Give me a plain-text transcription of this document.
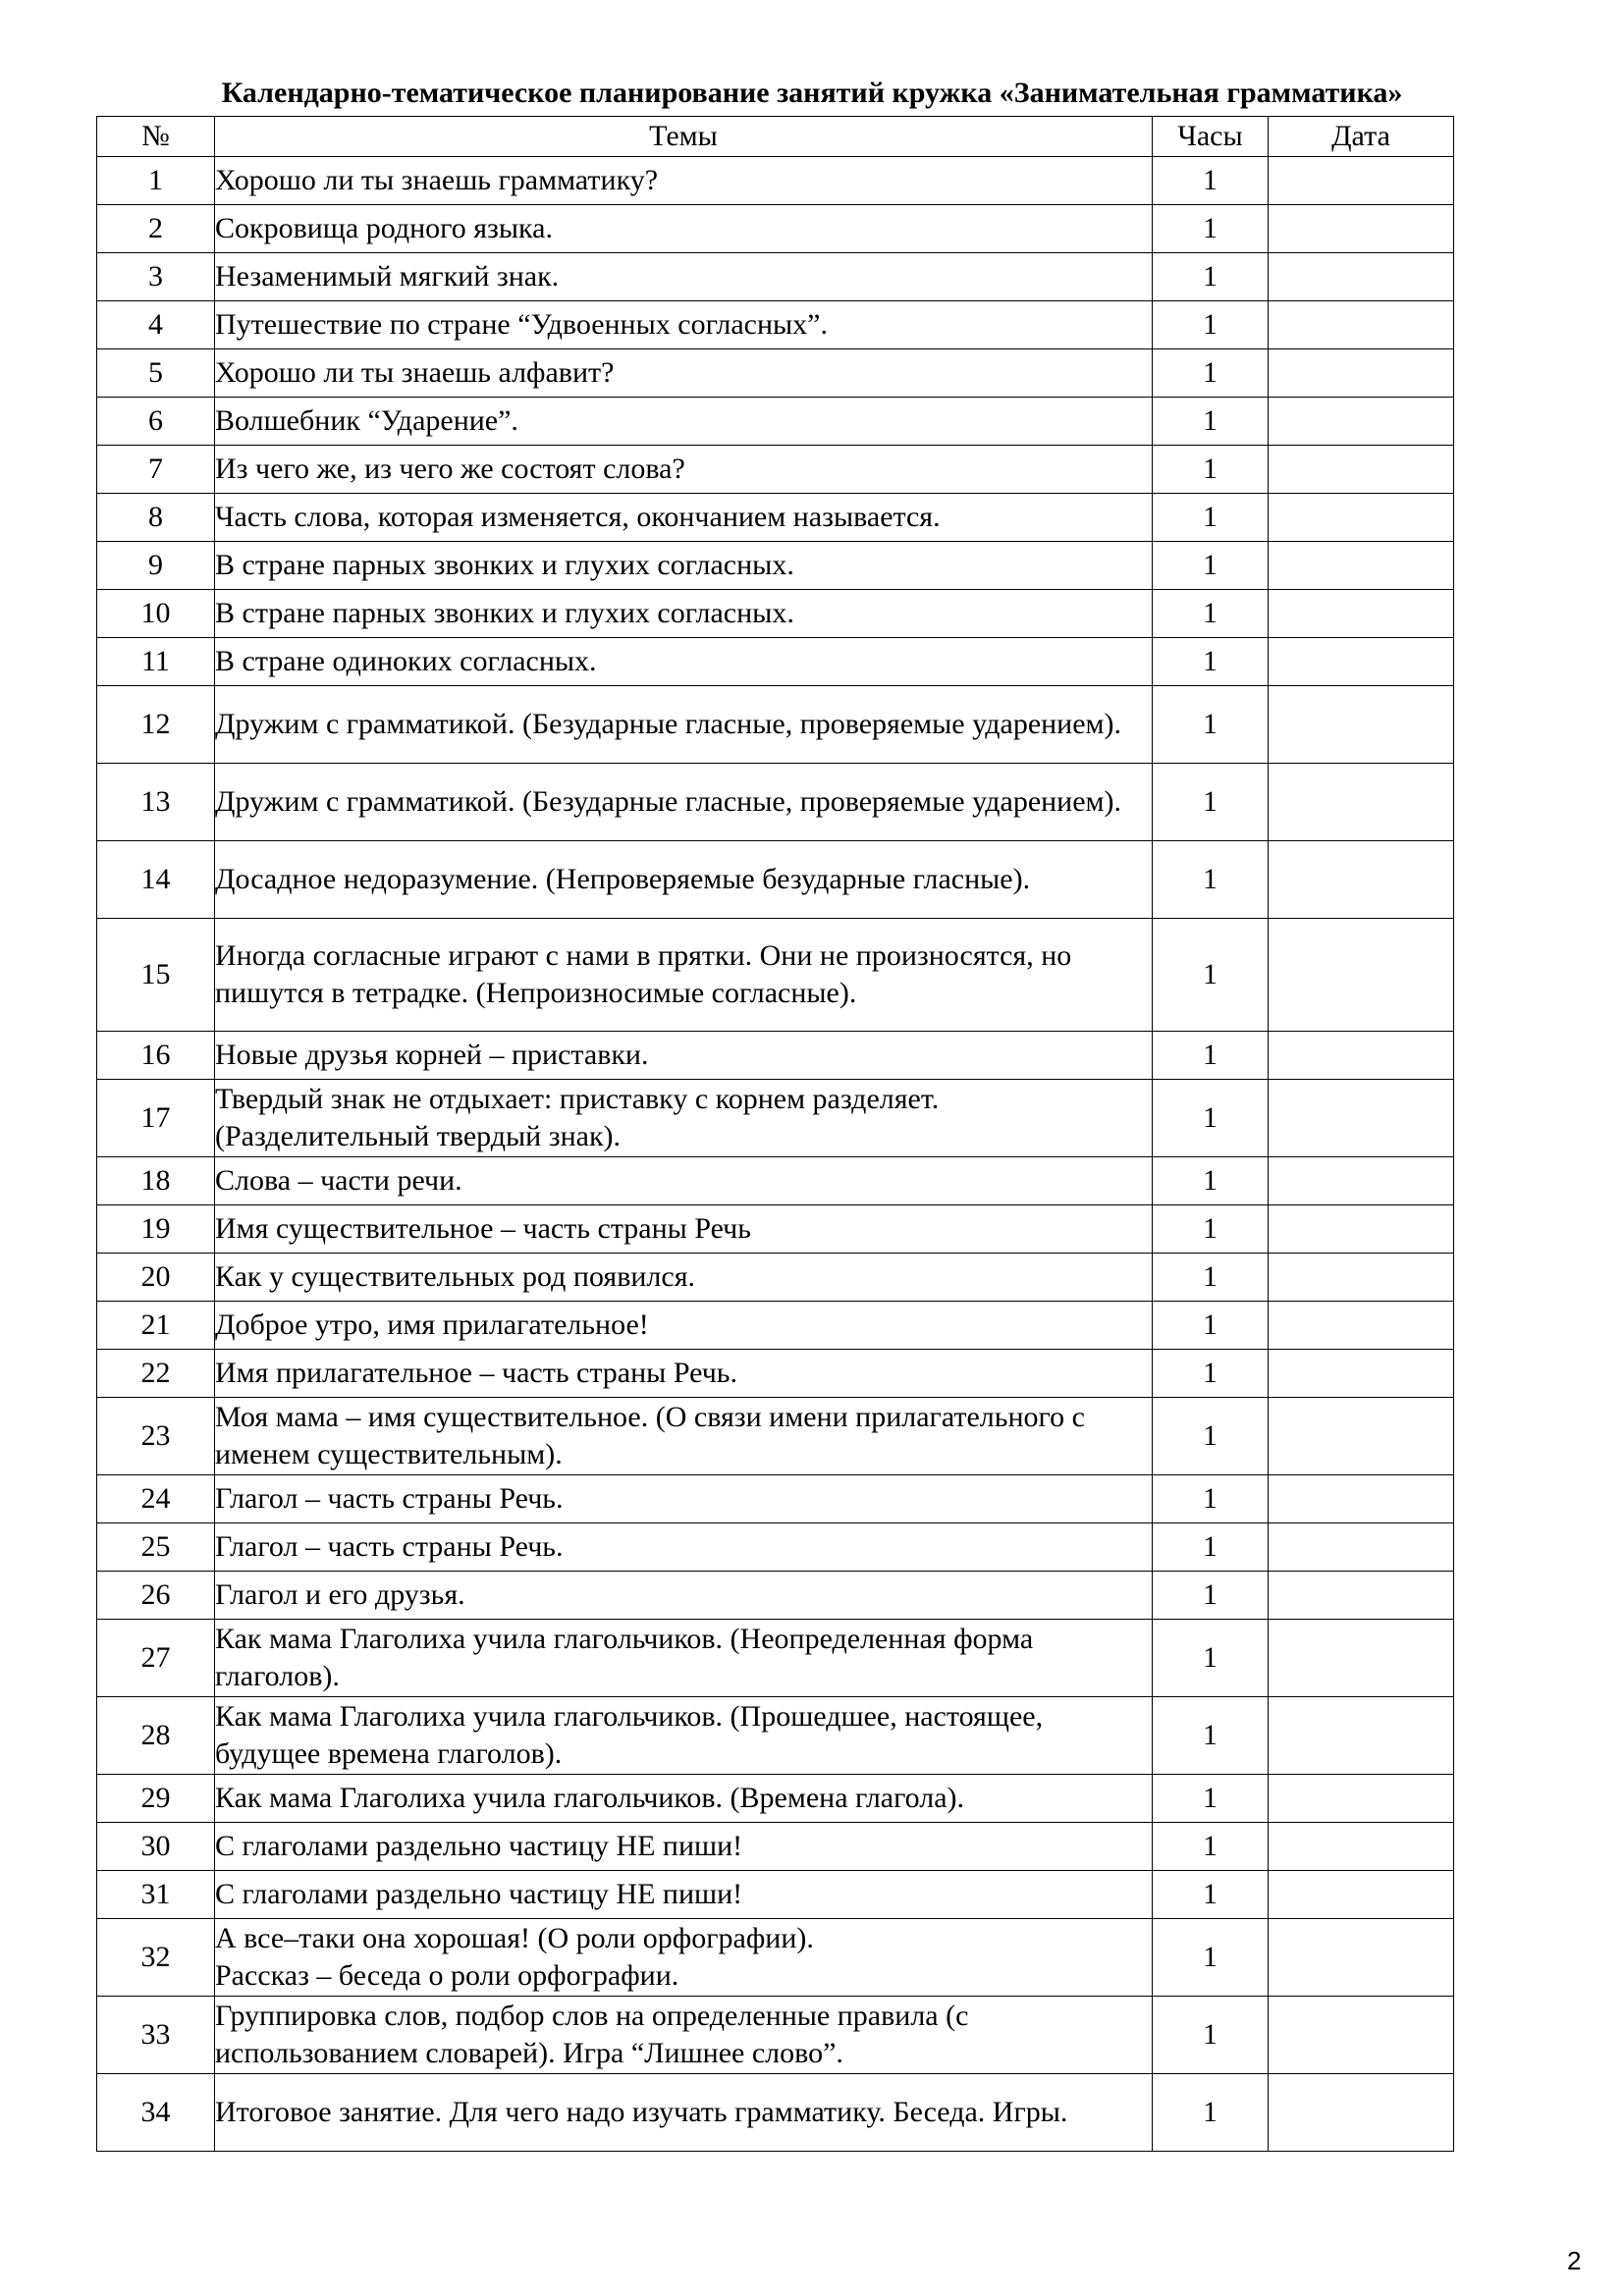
Календарно-тематическое планирование занятий кружка «Занимательная грамматика»
№	Темы	Часы	Дата
1	Хорошо ли ты знаешь грамматику?	1	
2	Сокровища родного языка.	1	
3	Незаменимый мягкий знак.	1	
4	Путешествие по стране “Удвоенных согласных”.	1	
5	Хорошо ли ты знаешь алфавит?	1	
6	Волшебник “Ударение”.	1	
7	Из чего же, из чего же состоят слова?	1	
8	Часть слова, которая изменяется, окончанием называется.	1	
9	В стране парных звонких и глухих согласных.	1	
10	В стране парных звонких и глухих согласных.	1	
11	В стране одиноких согласных.	1	
12	Дружим с грамматикой. (Безударные гласные, проверяемые ударением).	1	
13	Дружим с грамматикой. (Безударные гласные, проверяемые ударением).	1	
14	Досадное недоразумение. (Непроверяемые безударные гласные).	1	
15	Иногда согласные играют с нами в прятки. Они не произносятся, но пишутся в тетрадке. (Непроизносимые согласные).	1	
16	Новые друзья корней – приставки.	1	
17	Твердый знак не отдыхает: приставку с корнем разделяет. (Разделительный твердый знак).	1	
18	Слова – части речи.	1	
19	Имя существительное – часть страны Речь	1	
20	Как у существительных род появился.	1	
21	Доброе утро, имя прилагательное!	1	
22	Имя прилагательное – часть страны Речь.	1	
23	Моя мама – имя существительное. (О связи имени прилагательного с именем существительным).	1	
24	Глагол – часть страны Речь.	1	
25	Глагол – часть страны Речь.	1	
26	Глагол и его друзья.	1	
27	Как мама Глаголиха учила глагольчиков. (Неопределенная форма глаголов).	1	
28	Как мама Глаголиха учила глагольчиков. (Прошедшее, настоящее, будущее времена глаголов).	1	
29	Как мама Глаголиха учила глагольчиков. (Времена глагола).	1	
30	С глаголами раздельно частицу НЕ пиши!	1	
31	С глаголами раздельно частицу НЕ пиши!	1	
32	А все–таки она хорошая! (О роли орфографии).
Рассказ – беседа о роли орфографии.	1	
33	Группировка слов, подбор слов на определенные правила (с использованием словарей). Игра “Лишнее слово”.	1	
34	Итоговое занятие. Для чего надо изучать грамматику. Беседа. Игры.	1	
2
